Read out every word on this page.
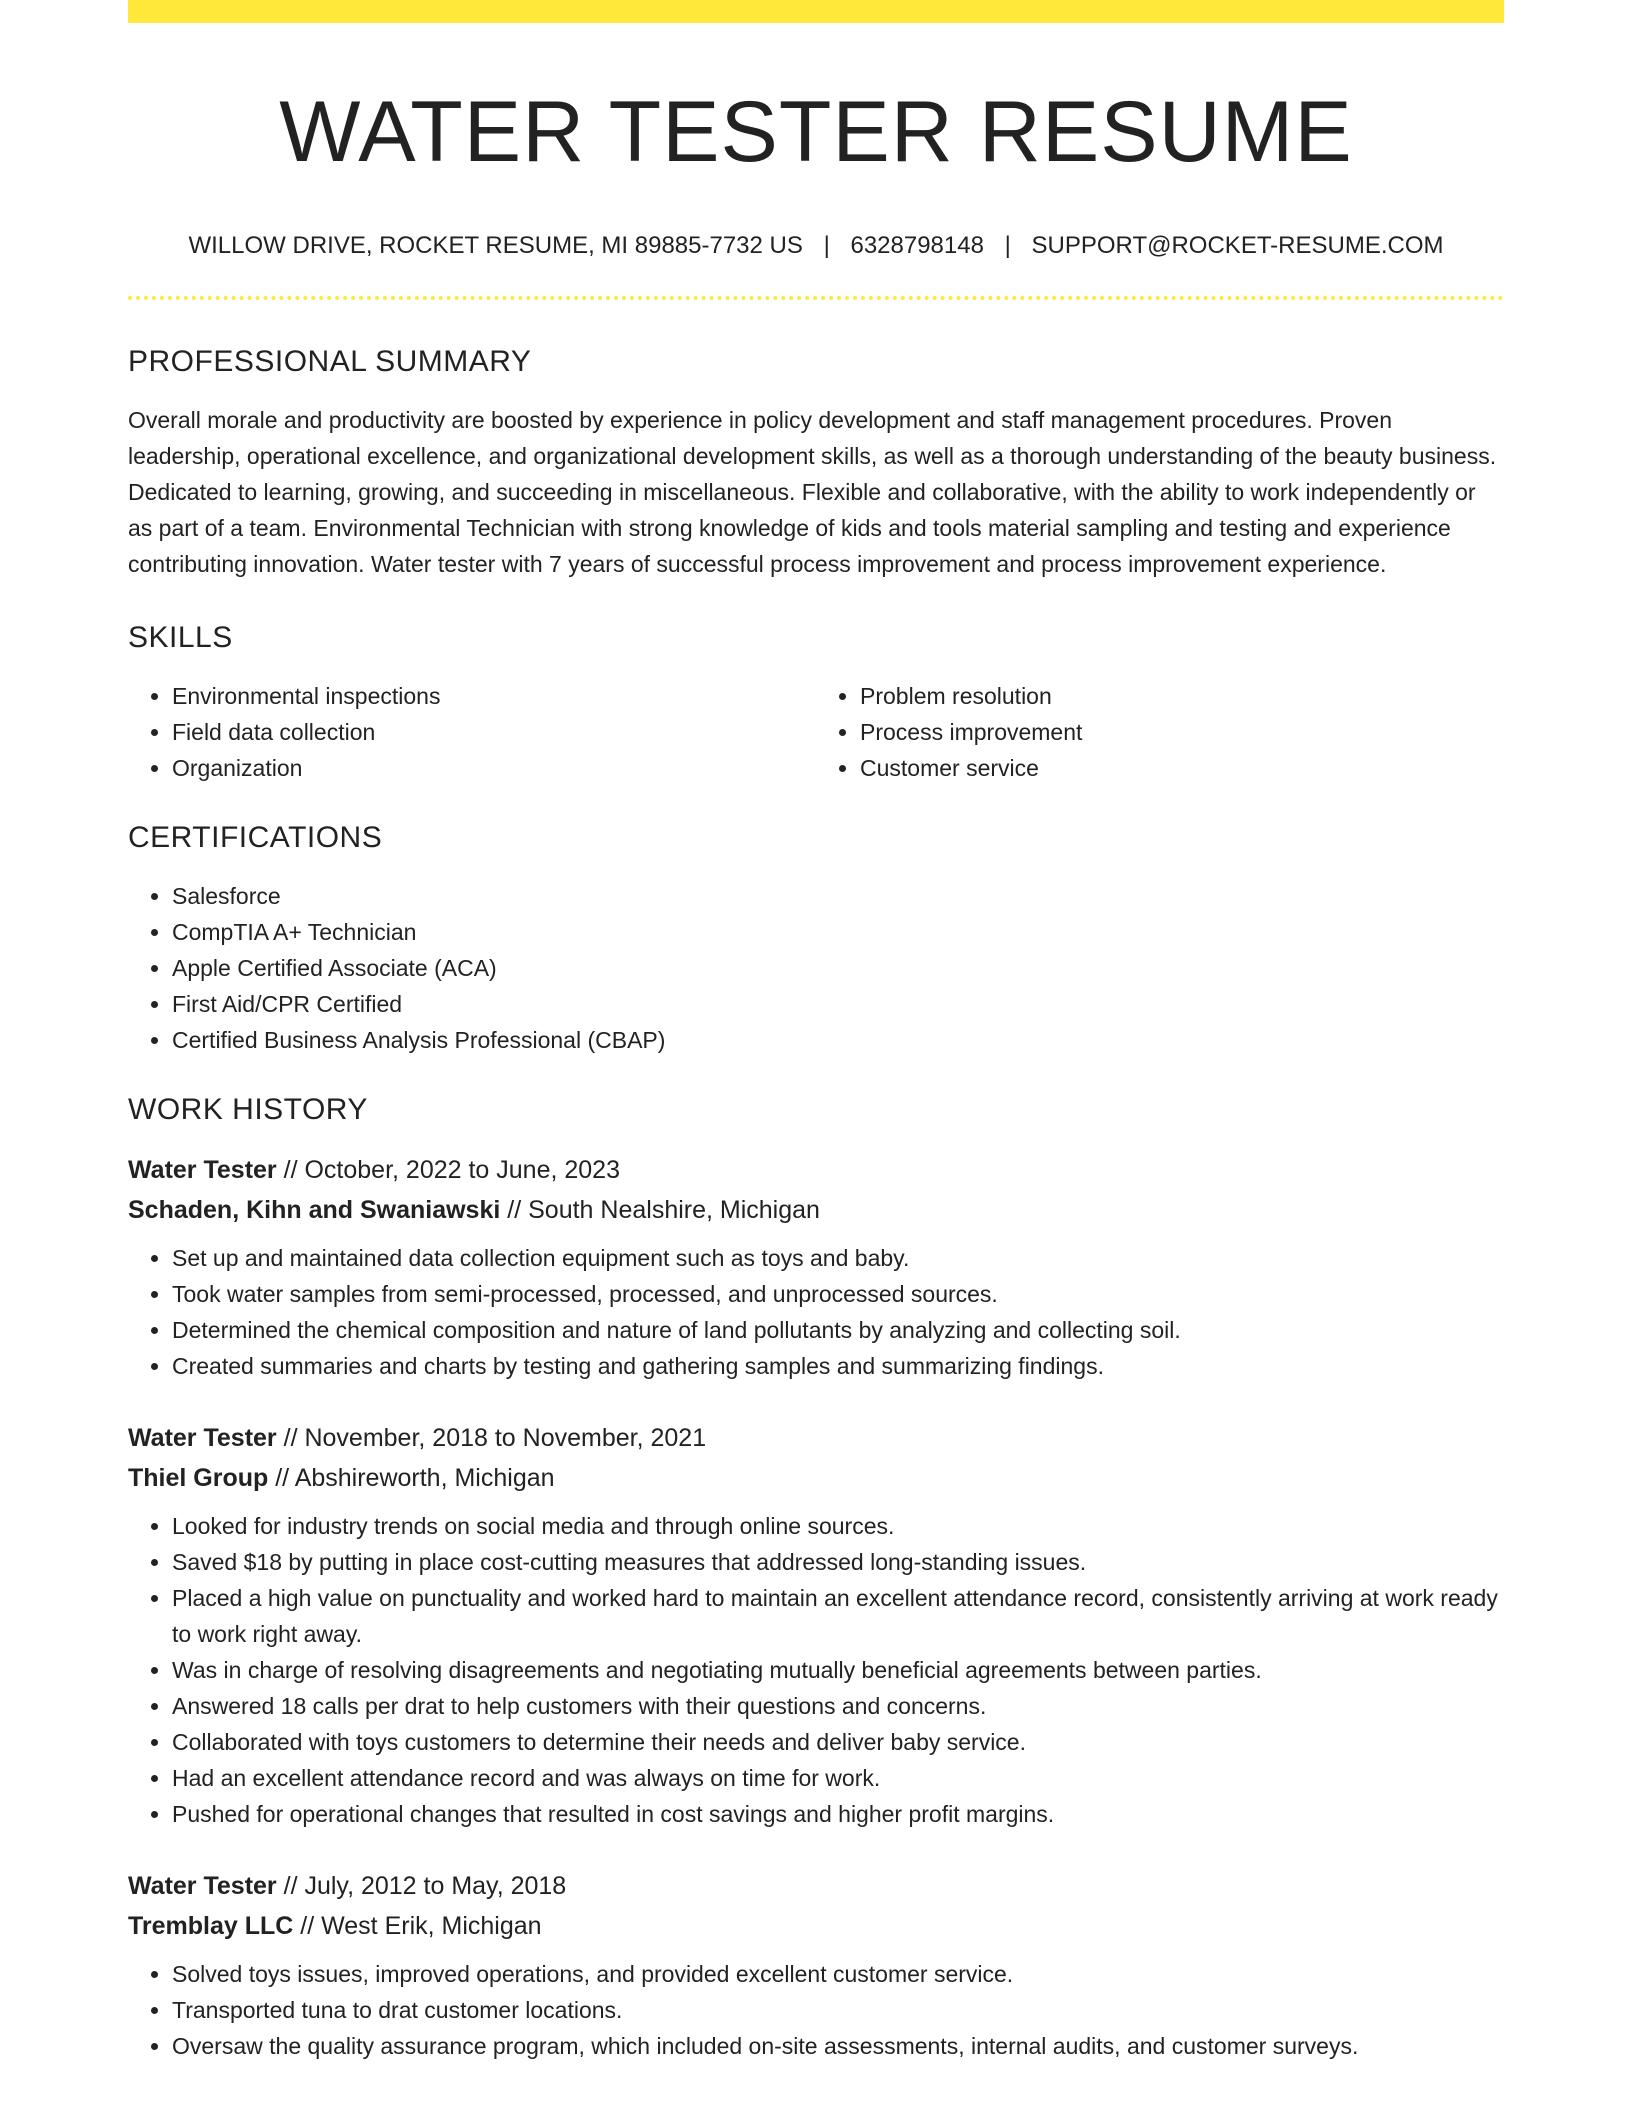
WATER TESTER RESUME
WILLOW DRIVE, ROCKET RESUME, MI 89885-7732 US | 6328798148 | SUPPORT@ROCKET-RESUME.COM
PROFESSIONAL SUMMARY

Overall morale and productivity are boosted by experience in policy development and staff management procedures. Proven leadership, operational excellence, and organizational development skills, as well as a thorough understanding of the beauty business. Dedicated to learning, growing, and succeeding in miscellaneous. Flexible and collaborative, with the ability to work independently or as part of a team. Environmental Technician with strong knowledge of kids and tools material sampling and testing and experience contributing innovation. Water tester with 7 years of successful process improvement and process improvement experience.

SKILLS
• Environmental inspections
• Field data collection
• Organization
• Problem resolution
• Process improvement
• Customer service
CERTIFICATIONS
• Salesforce
• CompTIA A+ Technician
• Apple Certified Associate (ACA)
• First Aid/CPR Certified
• Certified Business Analysis Professional (CBAP)
WORK HISTORY
Water Tester // October, 2022 to June, 2023
Schaden, Kihn and Swaniawski // South Nealshire, Michigan
• Set up and maintained data collection equipment such as toys and baby.
• Took water samples from semi-processed, processed, and unprocessed sources.
• Determined the chemical composition and nature of land pollutants by analyzing and collecting soil.
• Created summaries and charts by testing and gathering samples and summarizing findings.
Water Tester // November, 2018 to November, 2021
Thiel Group // Abshireworth, Michigan
• Looked for industry trends on social media and through online sources.
• Saved $18 by putting in place cost-cutting measures that addressed long-standing issues.
• Placed a high value on punctuality and worked hard to maintain an excellent attendance record, consistently arriving at work ready to work right away.
• Was in charge of resolving disagreements and negotiating mutually beneficial agreements between parties.
• Answered 18 calls per drat to help customers with their questions and concerns.
• Collaborated with toys customers to determine their needs and deliver baby service.
• Had an excellent attendance record and was always on time for work.
• Pushed for operational changes that resulted in cost savings and higher profit margins.
Water Tester // July, 2012 to May, 2018
Tremblay LLC // West Erik, Michigan
• Solved toys issues, improved operations, and provided excellent customer service.
• Transported tuna to drat customer locations.
• Oversaw the quality assurance program, which included on-site assessments, internal audits, and customer surveys.
